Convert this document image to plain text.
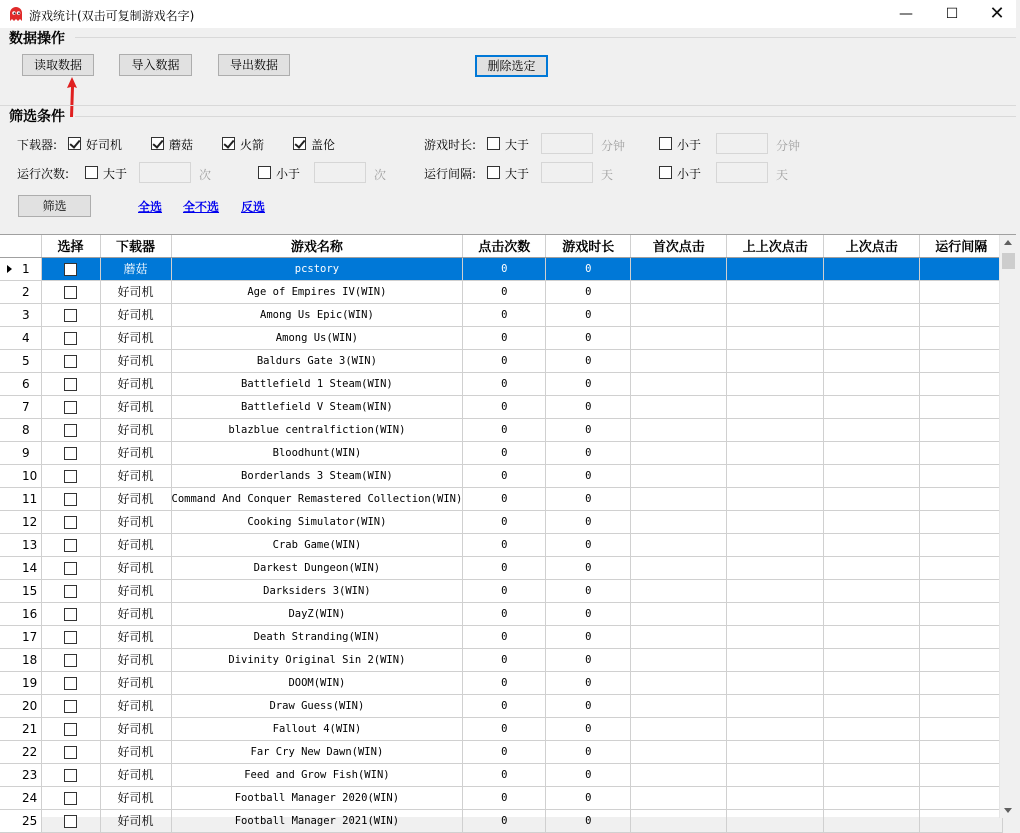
游戏统计(双击可复制游戏名字)	—	☐	✕
数据操作
读取数据	导入数据	导出数据	删除选定
筛选条件
下载器: 好司机	蘑菇	火箭	盖伦	游戏时长: 大于	分钟	小于	分钟
运行次数:	大于	次	小于	次	运行间隔: 大于	天	小于	天
筛选	全选 全不选 反选
	选择	下载器	游戏名称	点击次数	游戏时长	首次点击	上上次点击	上次点击	运行间隔
1		蘑菇	pcstory	0	0				
2		好司机	Age of Empires IV(WIN)	0	0				
3		好司机	Among Us Epic(WIN)	0	0				
4		好司机	Among Us(WIN)	0	0				
5		好司机	Baldurs Gate 3(WIN)	0	0				
6		好司机	Battlefield 1 Steam(WIN)	0	0				
7		好司机	Battlefield V Steam(WIN)	0	0				
8		好司机	blazblue centralfiction(WIN)	0	0				
9		好司机	Bloodhunt(WIN)	0	0				
10		好司机	Borderlands 3 Steam(WIN)	0	0				
11		好司机	Command And Conquer Remastered Collection(WIN)	0	0				
12		好司机	Cooking Simulator(WIN)	0	0				
13		好司机	Crab Game(WIN)	0	0				
14		好司机	Darkest Dungeon(WIN)	0	0				
15		好司机	Darksiders 3(WIN)	0	0				
16		好司机	DayZ(WIN)	0	0				
17		好司机	Death Stranding(WIN)	0	0				
18		好司机	Divinity Original Sin 2(WIN)	0	0				
19		好司机	DOOM(WIN)	0	0				
20		好司机	Draw Guess(WIN)	0	0				
21		好司机	Fallout 4(WIN)	0	0				
22		好司机	Far Cry New Dawn(WIN)	0	0				
23		好司机	Feed and Grow Fish(WIN)	0	0				
24		好司机	Football Manager 2020(WIN)	0	0				
25		好司机	Football Manager 2021(WIN)	0	0				
